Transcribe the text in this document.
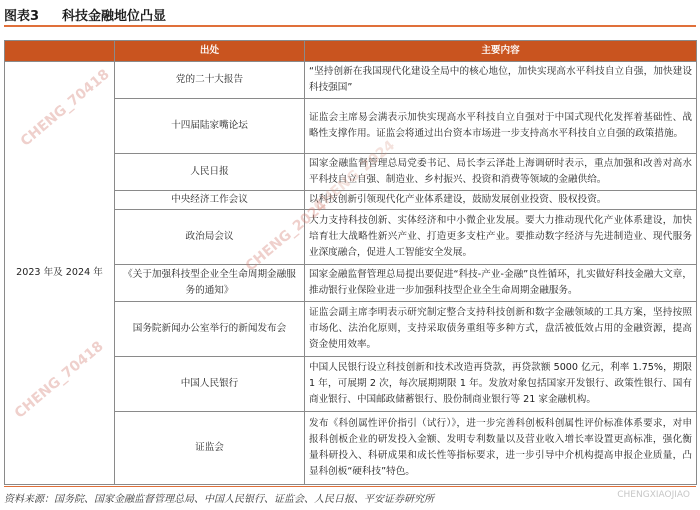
图表3	科技金融地位凸显
	出处	主要内容
2023 年及 2024 年	党的二十大报告	“坚持创新在我国现代化建设全局中的核心地位，加快实现高水平科技自立自强，加快建设科技强国”
	十四届陆家嘴论坛	证监会主席易会满表示加快实现高水平科技自立自强对于中国式现代化发挥着基础性、战略性支撑作用。证监会将通过出台资本市场进一步支持高水平科技自立自强的政策措施。
	人民日报	国家金融监督管理总局党委书记、局长李云泽赴上海调研时表示，重点加强和改善对高水平科技自立自强、制造业、乡村振兴、投资和消费等领域的金融供给。
	中央经济工作会议	以科技创新引领现代化产业体系建设，鼓励发展创业投资、股权投资。
	政治局会议	大力支持科技创新、实体经济和中小微企业发展。要大力推动现代化产业体系建设，加快培育壮大战略性新兴产业、打造更多支柱产业。要推动数字经济与先进制造业、现代服务业深度融合，促进人工智能安全发展。
	《关于加强科技型企业全生命周期金融服务的通知》	国家金融监督管理总局提出要促进“科技-产业-金融”良性循环，扎实做好科技金融大文章，推动银行业保险业进一步加强科技型企业全生命周期金融服务。
	国务院新闻办公室举行的新闻发布会	证监会副主席李明表示研究制定整合支持科技创新和数字金融领域的工具方案，坚持按照市场化、法治化原则，支持采取债务重组等多种方式，盘活被低效占用的金融资源，提高资金使用效率。
	中国人民银行	中国人民银行设立科技创新和技术改造再贷款，再贷款额 5000 亿元，利率 1.75%，期限 1 年，可展期 2 次，每次展期期限 1 年。发放对象包括国家开发银行、政策性银行、国有商业银行、中国邮政储蓄银行、股份制商业银行等 21 家金融机构。
	证监会	发布《科创属性评价指引（试行）》，进一步完善科创板科创属性评价标准体系要求，对申报科创板企业的研发投入金额、发明专利数量以及营业收入增长率设置更高标准，强化衡量科研投入、科研成果和成长性等指标要求，进一步引导中介机构提高申报企业质量，凸显科创板“硬科技”特色。
资料来源：国务院、国家金融监督管理总局、中国人民银行、证监会、人民日报、平安证券研究所
CHENG_70418
CHENG_2024
CHENG_2024
CHENG_70418
CHENGXIAOJIAO
